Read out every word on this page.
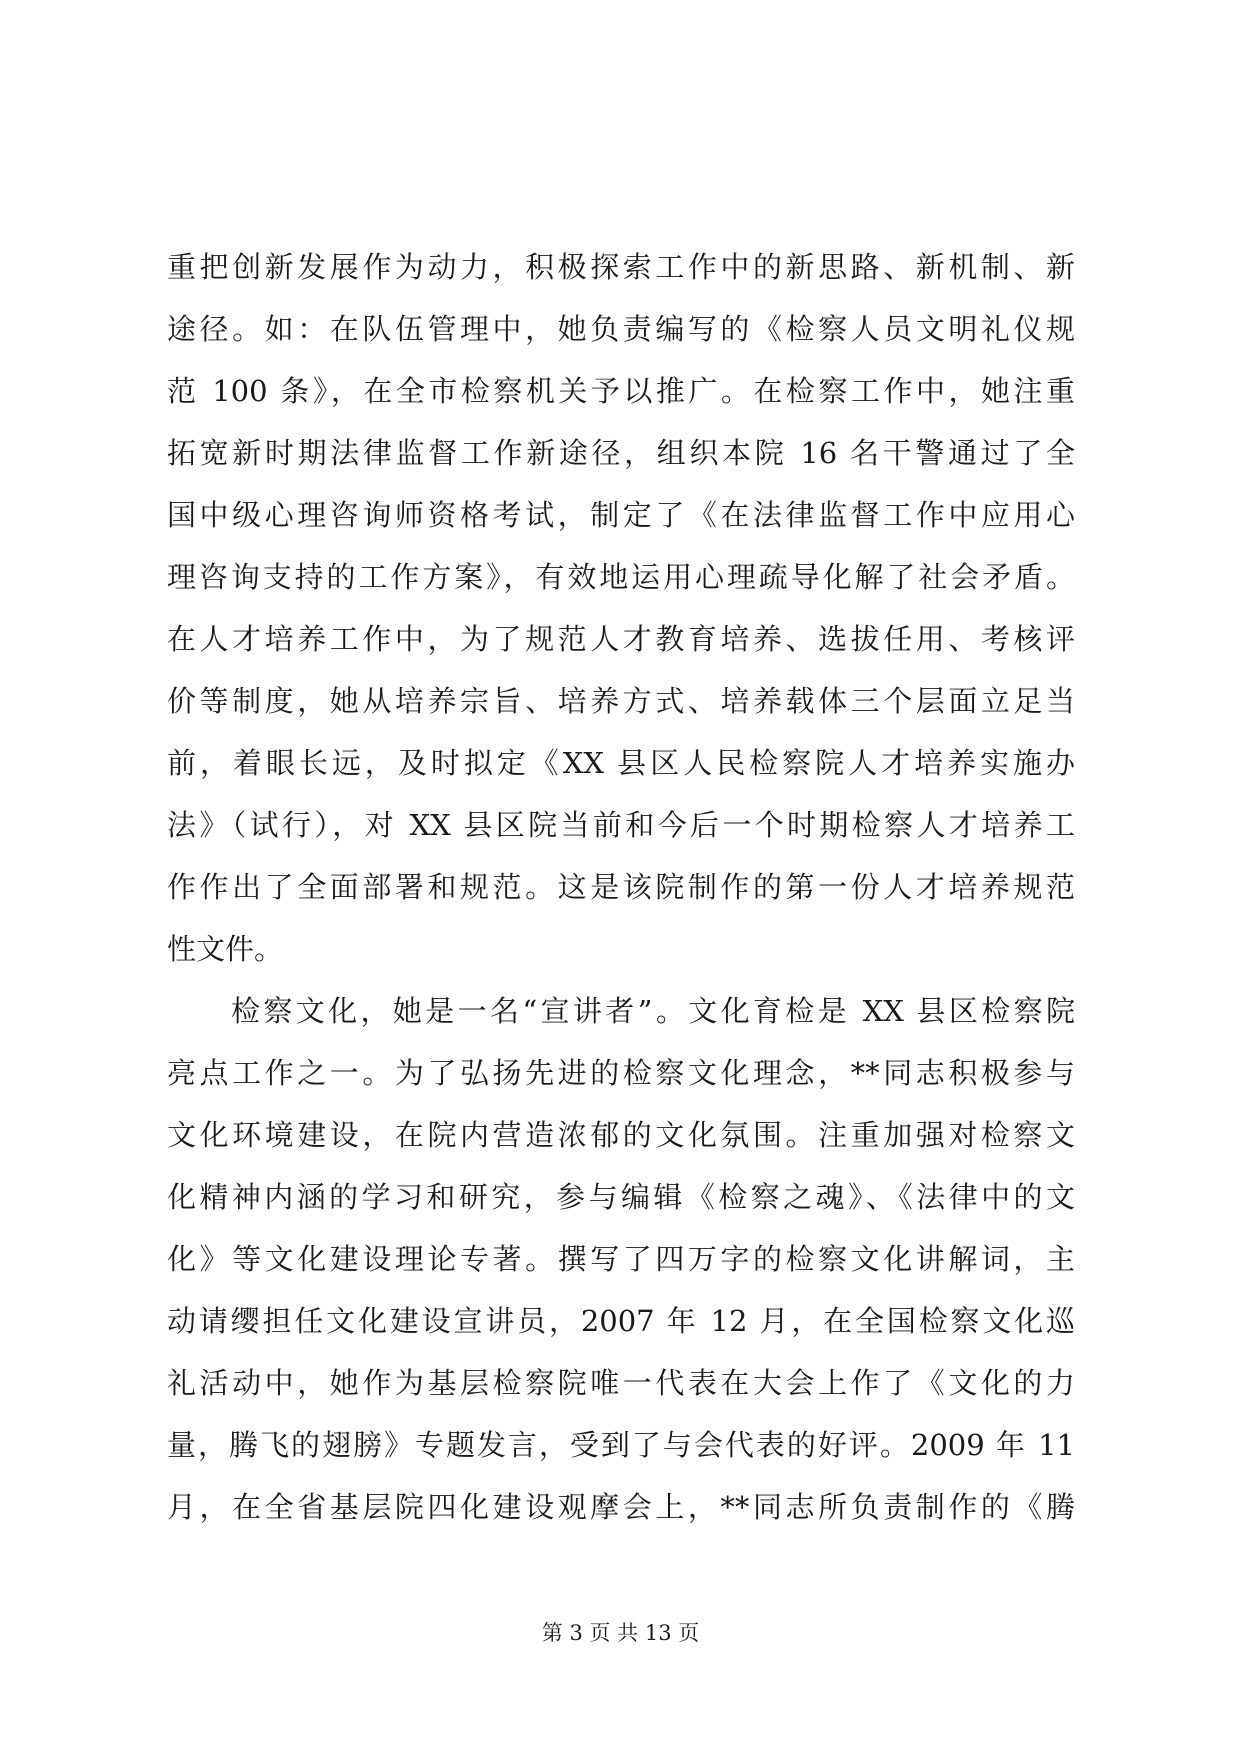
重把创新发展作为动力，积极探索工作中的新思路、新机制、新
途径。如：在队伍管理中，她负责编写的《检察人员文明礼仪规
范 100 条》，在全市检察机关予以推广。在检察工作中，她注重
拓宽新时期法律监督工作新途径，组织本院 16 名干警通过了全
国中级心理咨询师资格考试，制定了《在法律监督工作中应用心
理咨询支持的工作方案》，有效地运用心理疏导化解了社会矛盾。
在人才培养工作中，为了规范人才教育培养、选拔任用、考核评
价等制度，她从培养宗旨、培养方式、培养载体三个层面立足当
前，着眼长远，及时拟定《XX 县区人民检察院人才培养实施办
法》（试行），对 XX 县区院当前和今后一个时期检察人才培养工
作作出了全面部署和规范。这是该院制作的第一份人才培养规范
性文件。
检察文化，她是一名“宣讲者”。文化育检是 XX 县区检察院
亮点工作之一。为了弘扬先进的检察文化理念，**同志积极参与
文化环境建设，在院内营造浓郁的文化氛围。注重加强对检察文
化精神内涵的学习和研究，参与编辑《检察之魂》、《法律中的文
化》等文化建设理论专著。撰写了四万字的检察文化讲解词，主
动请缨担任文化建设宣讲员，2007 年 12 月，在全国检察文化巡
礼活动中，她作为基层检察院唯一代表在大会上作了《文化的力
量，腾飞的翅膀》专题发言，受到了与会代表的好评。2009 年 11
月，在全省基层院四化建设观摩会上，**同志所负责制作的《腾
第 3 页 共 13 页
